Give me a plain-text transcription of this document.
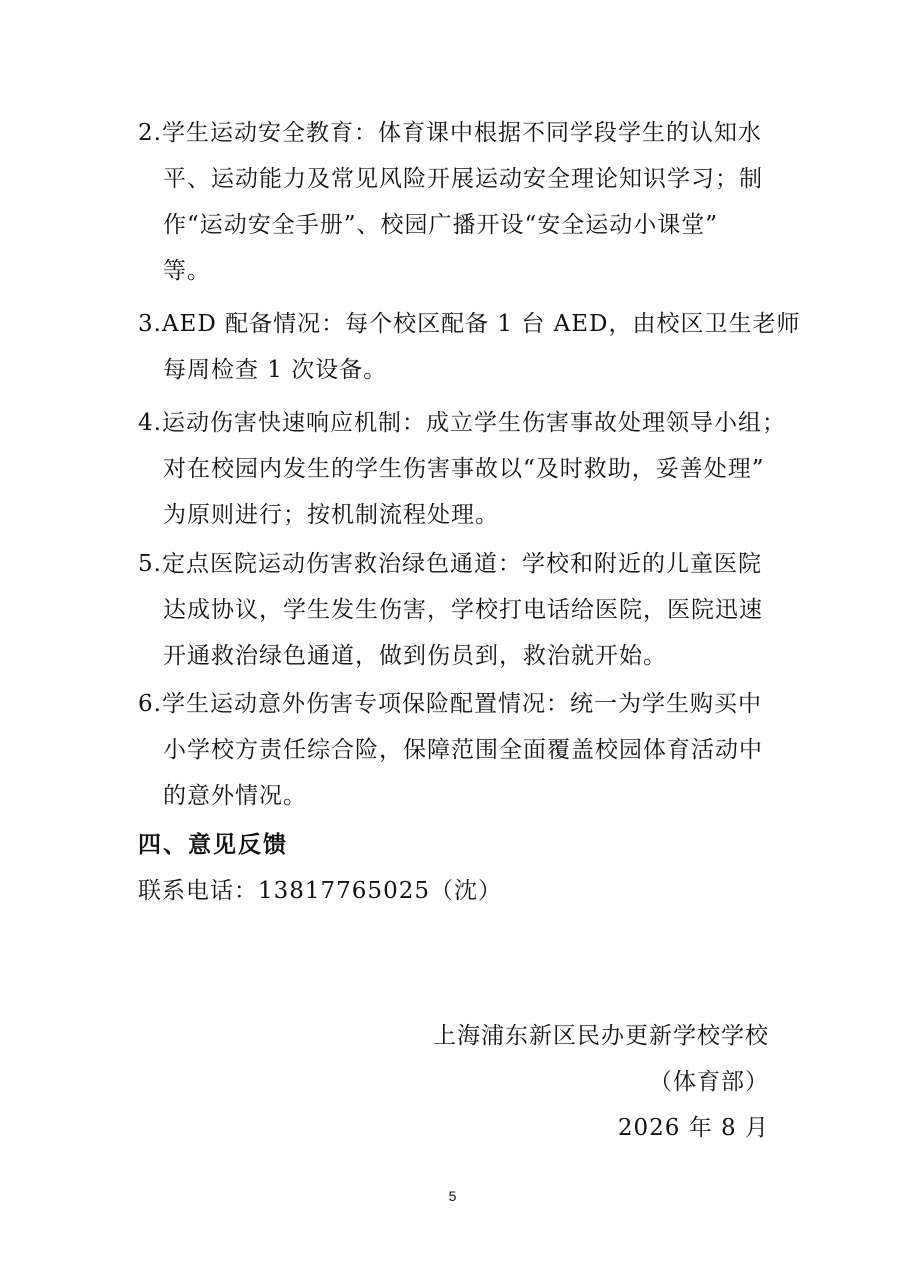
2.学生运动安全教育：体育课中根据不同学段学生的认知水
平、运动能力及常见风险开展运动安全理论知识学习；制
作“运动安全手册”、校园广播开设“安全运动小课堂”
等。
3.AED 配备情况：每个校区配备 1 台 AED，由校区卫生老师
每周检查 1 次设备。
4.运动伤害快速响应机制：成立学生伤害事故处理领导小组；
对在校园内发生的学生伤害事故以“及时救助，妥善处理”
为原则进行；按机制流程处理。
5.定点医院运动伤害救治绿色通道：学校和附近的儿童医院
达成协议，学生发生伤害，学校打电话给医院，医院迅速
开通救治绿色通道，做到伤员到，救治就开始。
6.学生运动意外伤害专项保险配置情况：统一为学生购买中
小学校方责任综合险，保障范围全面覆盖校园体育活动中
的意外情况。
四、意见反馈
联系电话：13817765025（沈）
上海浦东新区民办更新学校学校
（体育部）
2026 年 8 月
5
